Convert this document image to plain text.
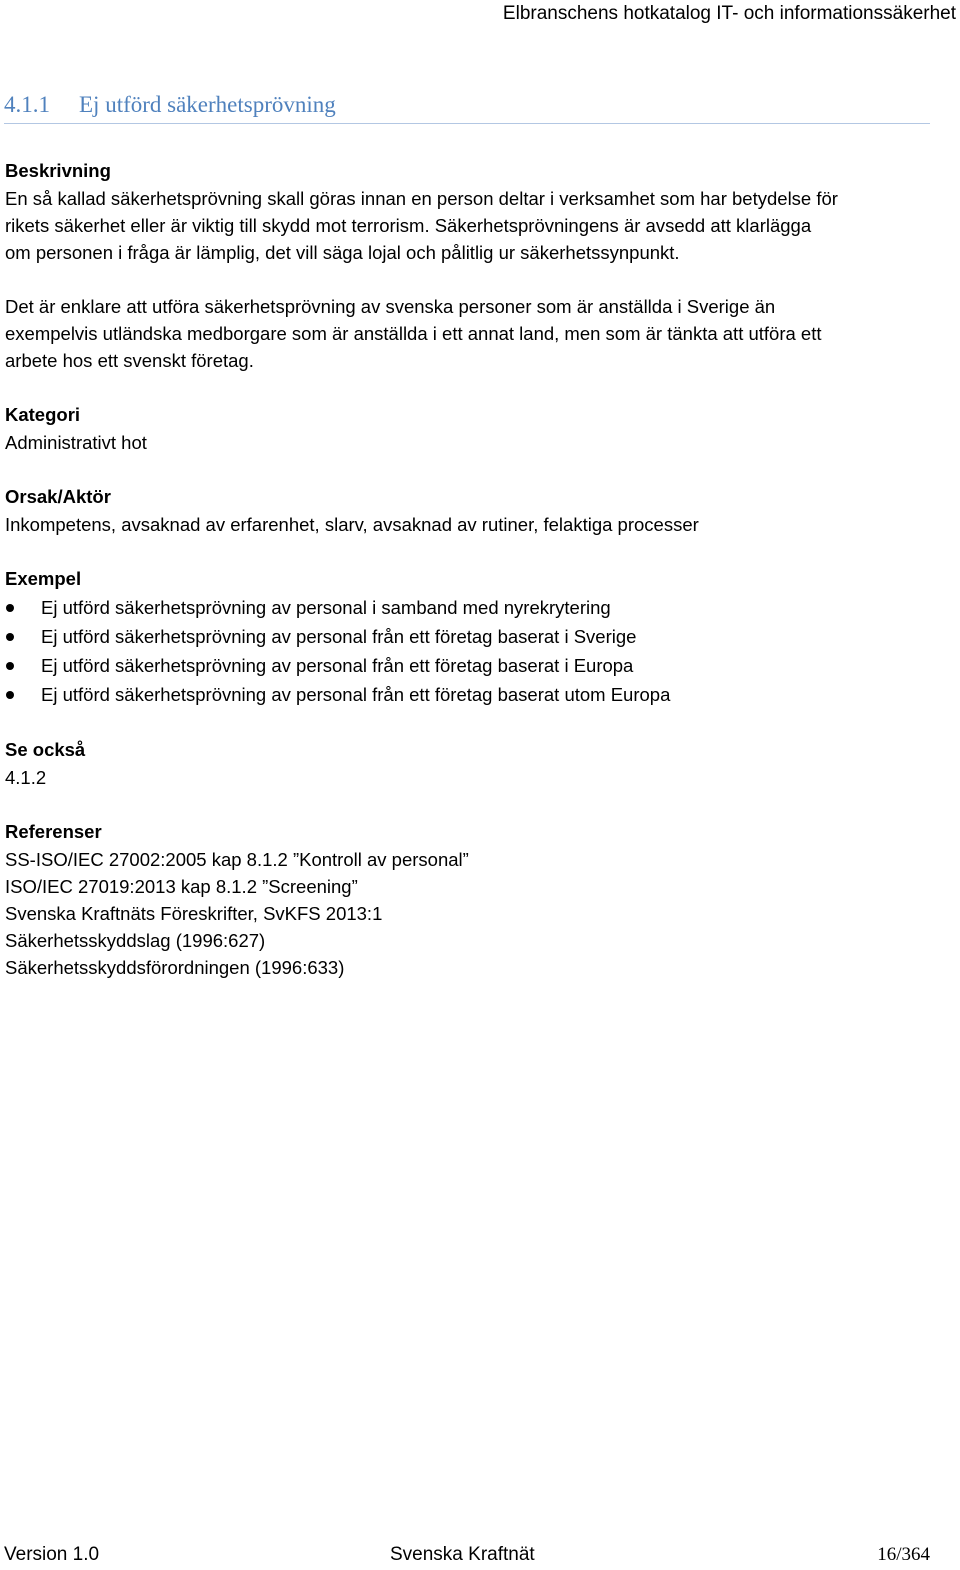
Elbranschens hotkatalog IT- och informationssäkerhet
4.1.1 Ej utförd säkerhetsprövning
Beskrivning
En så kallad säkerhetsprövning skall göras innan en person deltar i verksamhet som har betydelse för
rikets säkerhet eller är viktig till skydd mot terrorism. Säkerhetsprövningens är avsedd att klarlägga
om personen i fråga är lämplig, det vill säga lojal och pålitlig ur säkerhetssynpunkt.
Det är enklare att utföra säkerhetsprövning av svenska personer som är anställda i Sverige än
exempelvis utländska medborgare som är anställda i ett annat land, men som är tänkta att utföra ett
arbete hos ett svenskt företag.
Kategori
Administrativt hot
Orsak/Aktör
Inkompetens, avsaknad av erfarenhet, slarv, avsaknad av rutiner, felaktiga processer
Exempel
Ej utförd säkerhetsprövning av personal i samband med nyrekrytering
Ej utförd säkerhetsprövning av personal från ett företag baserat i Sverige
Ej utförd säkerhetsprövning av personal från ett företag baserat i Europa
Ej utförd säkerhetsprövning av personal från ett företag baserat utom Europa
Se också
4.1.2
Referenser
SS-ISO/IEC 27002:2005 kap 8.1.2 ”Kontroll av personal”
ISO/IEC 27019:2013 kap 8.1.2 ”Screening”
Svenska Kraftnäts Föreskrifter, SvKFS 2013:1
Säkerhetsskyddslag (1996:627)
Säkerhetsskyddsförordningen (1996:633)
Version 1.0	Svenska Kraftnät	16/364
